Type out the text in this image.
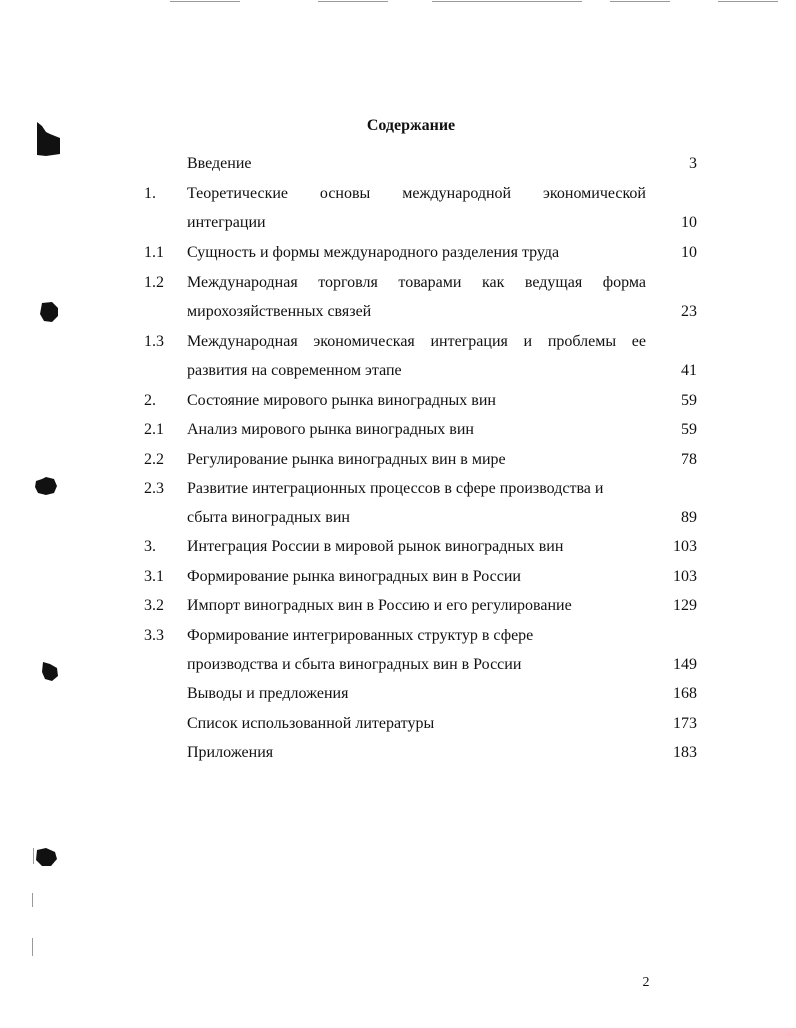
Содержание
Введение	3
1.	Теоретические основы международной экономической
интеграции	10
1.1	Сущность и формы международного разделения труда	10
1.2	Международная торговля товарами как ведущая форма
мирохозяйственных связей	23
1.3	Международная экономическая интеграция и проблемы ее
развития на современном этапе	41
2.	Состояние мирового рынка виноградных вин	59
2.1	Анализ мирового рынка виноградных вин	59
2.2	Регулирование рынка виноградных вин в мире	78
2.3	Развитие интеграционных процессов в сфере производства и
сбыта виноградных вин	89
3.	Интеграция России в мировой рынок виноградных вин	103
3.1	Формирование рынка виноградных вин в России	103
3.2	Импорт виноградных вин в Россию и его регулирование	129
3.3	Формирование интегрированных структур в сфере
производства и сбыта виноградных вин в России	149
Выводы и предложения	168
Список использованной литературы	173
Приложения	183
2
